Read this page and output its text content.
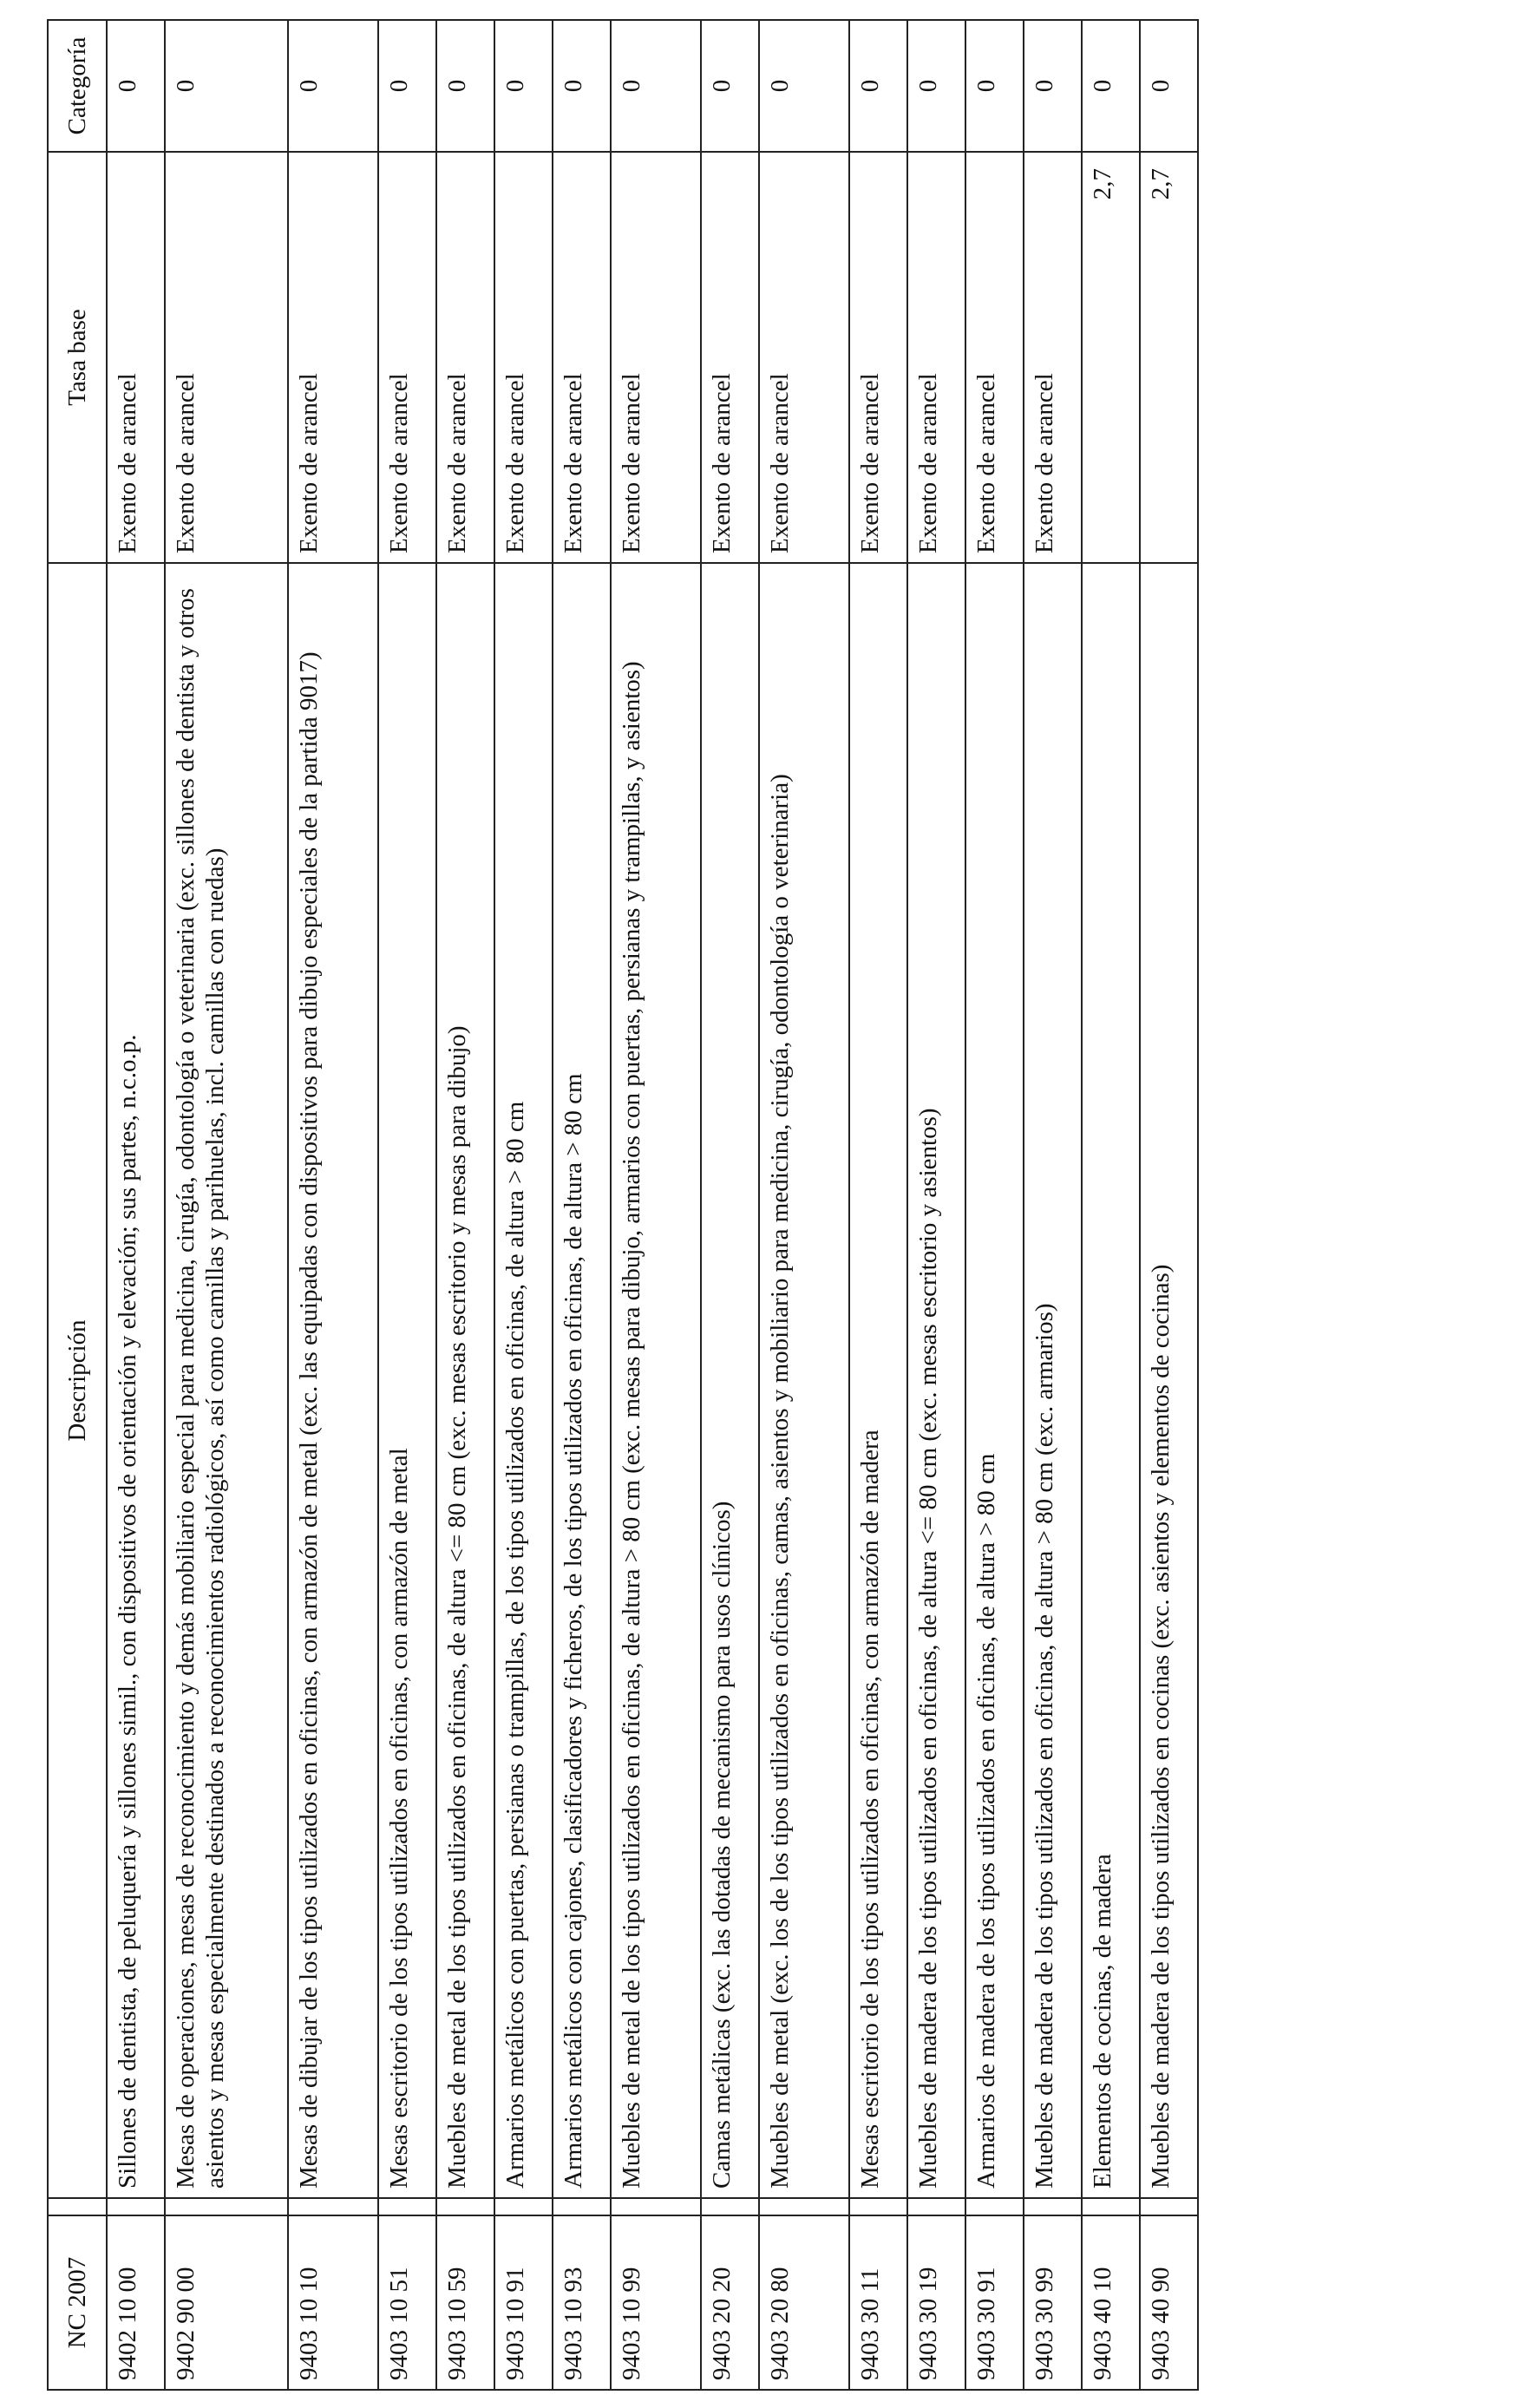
NC 2007		Descripción	Tasa base	Categoría
9402 10 00		Sillones de dentista, de peluquería y sillones simil., con dispositivos de orientación y elevación; sus partes, n.c.o.p.	Exento de arancel	0
9402 90 00		Mesas de operaciones, mesas de reconocimiento y demás mobiliario especial para medicina, cirugía, odontología o veterinaria (exc. sillones de dentista y otros asientos y mesas especialmente destinados a reconocimientos radiológicos, así como camillas y parihuelas, incl. camillas con ruedas)	Exento de arancel	0
9403 10 10		Mesas de dibujar de los tipos utilizados en oficinas, con armazón de metal (exc. las equipadas con dispositivos para dibujo especiales de la partida 9017)	Exento de arancel	0
9403 10 51		Mesas escritorio de los tipos utilizados en oficinas, con armazón de metal	Exento de arancel	0
9403 10 59		Muebles de metal de los tipos utilizados en oficinas, de altura <= 80 cm (exc. mesas escritorio y mesas para dibujo)	Exento de arancel	0
9403 10 91		Armarios metálicos con puertas, persianas o trampillas, de los tipos utilizados en oficinas, de altura > 80 cm	Exento de arancel	0
9403 10 93		Armarios metálicos con cajones, clasificadores y ficheros, de los tipos utilizados en oficinas, de altura > 80 cm	Exento de arancel	0
9403 10 99		Muebles de metal de los tipos utilizados en oficinas, de altura > 80 cm (exc. mesas para dibujo, armarios con puertas, persianas y trampillas, y asientos)	Exento de arancel	0
9403 20 20		Camas metálicas (exc. las dotadas de mecanismo para usos clínicos)	Exento de arancel	0
9403 20 80		Muebles de metal (exc. los de los tipos utilizados en oficinas, camas, asientos y mobiliario para medicina, cirugía, odontología o veterinaria)	Exento de arancel	0
9403 30 11		Mesas escritorio de los tipos utilizados en oficinas, con armazón de madera	Exento de arancel	0
9403 30 19		Muebles de madera de los tipos utilizados en oficinas, de altura <= 80 cm (exc. mesas escritorio y asientos)	Exento de arancel	0
9403 30 91		Armarios de madera de los tipos utilizados en oficinas, de altura > 80 cm	Exento de arancel	0
9403 30 99		Muebles de madera de los tipos utilizados en oficinas, de altura > 80 cm (exc. armarios)	Exento de arancel	0
9403 40 10		Elementos de cocinas, de madera	2,7	0
9403 40 90		Muebles de madera de los tipos utilizados en cocinas (exc. asientos y elementos de cocinas)	2,7	0
